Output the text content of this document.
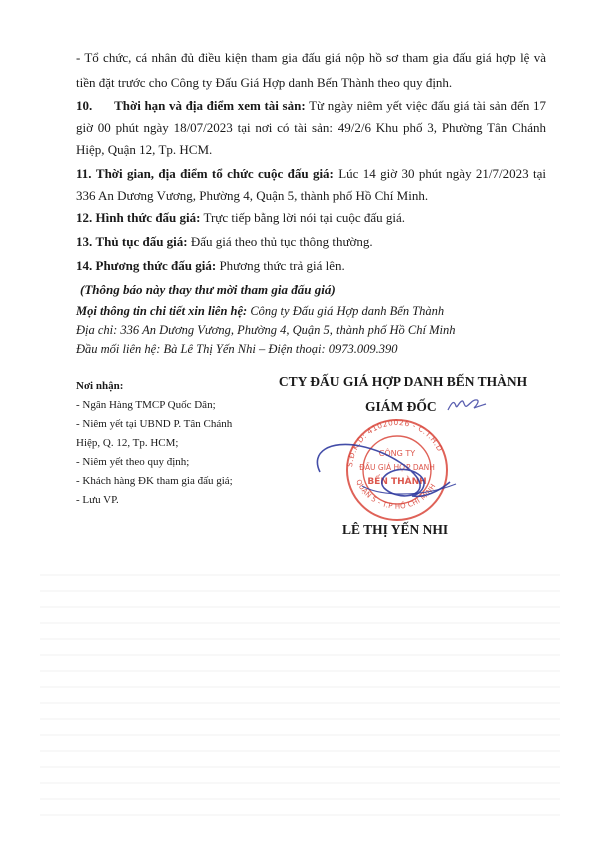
- Tổ chức, cá nhân đủ điều kiện tham gia đấu giá nộp hồ sơ tham gia đấu giá hợp lệ và tiền đặt trước cho Công ty Đấu Giá Hợp danh Bến Thành theo quy định.

10. Thời hạn và địa điểm xem tài sản: Từ ngày niêm yết việc đấu giá tài sản đến 17 giờ 00 phút ngày 18/07/2023 tại nơi có tài sản: 49/2/6 Khu phố 3, Phường Tân Chánh Hiệp, Quận 12, Tp. HCM.

11. Thời gian, địa điểm tổ chức cuộc đấu giá: Lúc 14 giờ 30 phút ngày 21/7/2023 tại 336 An Dương Vương, Phường 4, Quận 5, thành phố Hồ Chí Minh.

12. Hình thức đấu giá: Trực tiếp bằng lời nói tại cuộc đấu giá.

13. Thủ tục đấu giá: Đấu giá theo thủ tục thông thường.

14. Phương thức đấu giá: Phương thức trả giá lên.

(Thông báo này thay thư mời tham gia đấu giá)
Mọi thông tin chi tiết xin liên hệ: Công ty Đấu giá Hợp danh Bến Thành
Địa chỉ: 336 An Dương Vương, Phường 4, Quận 5, thành phố Hồ Chí Minh
Đầu mối liên hệ: Bà Lê Thị Yến Nhi – Điện thoại: 0973.009.390
Nơi nhận:
- Ngân Hàng TMCP Quốc Dân;
- Niêm yết tại UBND P. Tân Chánh
Hiệp, Q. 12, Tp. HCM;
- Niêm yết theo quy định;
- Khách hàng ĐK tham gia đấu giá;
- Lưu VP.
CTY ĐẤU GIÁ HỢP DANH BẾN THÀNH
GIÁM ĐỐC
S.Đ.K.D: 41020026 - C.T.H.D
QUẬN 5 - T.P HỒ CHÍ MINH
CÔNG TY
ĐẤU GIÁ HỢP DANH
BẾN THÀNH
LÊ THỊ YẾN NHI
